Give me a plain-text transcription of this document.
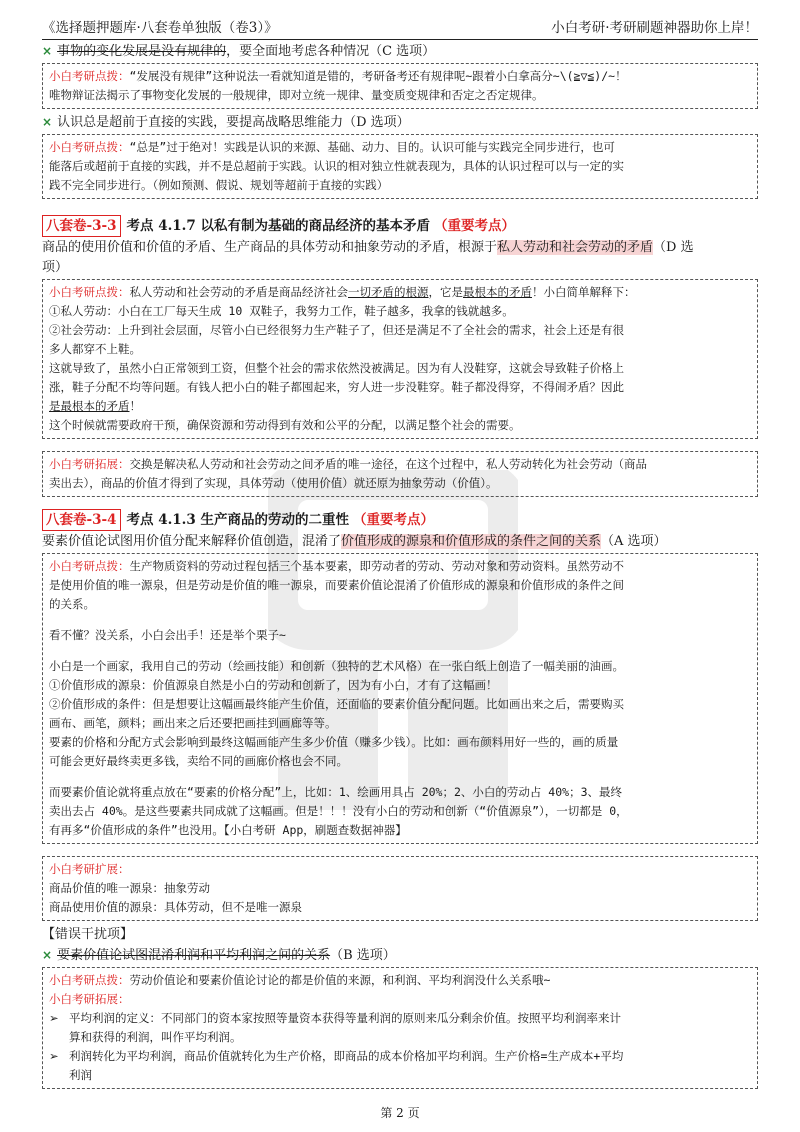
《选择题押题库·八套卷单独版（卷3）》	小白考研·考研刷题神器助你上岸！
× 事物的变化发展是没有规律的，要全面地考虑各种情况（C 选项）

小白考研点拨：“发展没有规律”这种说法一看就知道是错的，考研备考还有规律呢~跟着小白拿高分~\(≧▽≦)/~！

唯物辩证法揭示了事物变化发展的一般规律，即对立统一规律、量变质变规律和否定之否定规律。

× 认识总是超前于直接的实践，要提高战略思维能力（D 选项）

小白考研点拨：“总是”过于绝对！实践是认识的来源、基础、动力、目的。认识可能与实践完全同步进行，也可

能落后或超前于直接的实践，并不是总超前于实践。认识的相对独立性就表现为，具体的认识过程可以与一定的实

践不完全同步进行。（例如预测、假说、规划等超前于直接的实践）

八套卷-3-3 考点 4.1.7 以私有制为基础的商品经济的基本矛盾 （重要考点）
商品的使用价值和价值的矛盾、生产商品的具体劳动和抽象劳动的矛盾，根源于私人劳动和社会劳动的矛盾（D 选
项）

小白考研点拨：私人劳动和社会劳动的矛盾是商品经济社会一切矛盾的根源，它是最根本的矛盾！小白简单解释下：

①私人劳动：小白在工厂每天生成 10 双鞋子，我努力工作，鞋子越多，我拿的钱就越多。

②社会劳动：上升到社会层面，尽管小白已经很努力生产鞋子了，但还是满足不了全社会的需求，社会上还是有很

多人都穿不上鞋。

这就导致了，虽然小白正常领到工资，但整个社会的需求依然没被满足。因为有人没鞋穿，这就会导致鞋子价格上

涨，鞋子分配不均等问题。有钱人把小白的鞋子都囤起来，穷人进一步没鞋穿。鞋子都没得穿，不得闹矛盾？因此

是最根本的矛盾！

这个时候就需要政府干预，确保资源和劳动得到有效和公平的分配，以满足整个社会的需要。

小白考研拓展：交换是解决私人劳动和社会劳动之间矛盾的唯一途径，在这个过程中，私人劳动转化为社会劳动（商品

卖出去），商品的价值才得到了实现，具体劳动（使用价值）就还原为抽象劳动（价值）。

八套卷-3-4 考点 4.1.3 生产商品的劳动的二重性 （重要考点）
要素价值论试图用价值分配来解释价值创造，混淆了价值形成的源泉和价值形成的条件之间的关系（A 选项）

小白考研点拨：生产物质资料的劳动过程包括三个基本要素，即劳动者的劳动、劳动对象和劳动资料。虽然劳动不

是使用价值的唯一源泉，但是劳动是价值的唯一源泉，而要素价值论混淆了价值形成的源泉和价值形成的条件之间

的关系。

看不懂？没关系，小白会出手！还是举个栗子~

小白是一个画家，我用自己的劳动（绘画技能）和创新（独特的艺术风格）在一张白纸上创造了一幅美丽的油画。

①价值形成的源泉：价值源泉自然是小白的劳动和创新了，因为有小白，才有了这幅画！

②价值形成的条件：但是想要让这幅画最终能产生价值，还面临的要素价值分配问题。比如画出来之后，需要购买

画布、画笔，颜料；画出来之后还要把画挂到画廊等等。

要素的价格和分配方式会影响到最终这幅画能产生多少价值（赚多少钱）。比如：画布颜料用好一些的，画的质量

可能会更好最终卖更多钱，卖给不同的画廊价格也会不同。

而要素价值论就将重点放在“要素的价格分配”上，比如：1、绘画用具占 20%；2、小白的劳动占 40%；3、最终

卖出去占 40%。是这些要素共同成就了这幅画。但是！！！没有小白的劳动和创新（“价值源泉”），一切都是 0，

有再多“价值形成的条件”也没用。【小白考研 App，刷题查数据神器】

小白考研扩展：

商品价值的唯一源泉：抽象劳动

商品使用价值的源泉：具体劳动，但不是唯一源泉

【错误干扰项】
× 要素价值论试图混淆利润和平均利润之间的关系（B 选项）

小白考研点拨：劳动价值论和要素价值论讨论的都是价值的来源，和利润、平均利润没什么关系哦~

小白考研拓展：

➢ 平均利润的定义：不同部门的资本家按照等量资本获得等量利润的原则来瓜分剩余价值。按照平均利润率来计

算和获得的利润，叫作平均利润。

➢ 利润转化为平均利润，商品价值就转化为生产价格，即商品的成本价格加平均利润。生产价格=生产成本+平均

利润

第 2 页
